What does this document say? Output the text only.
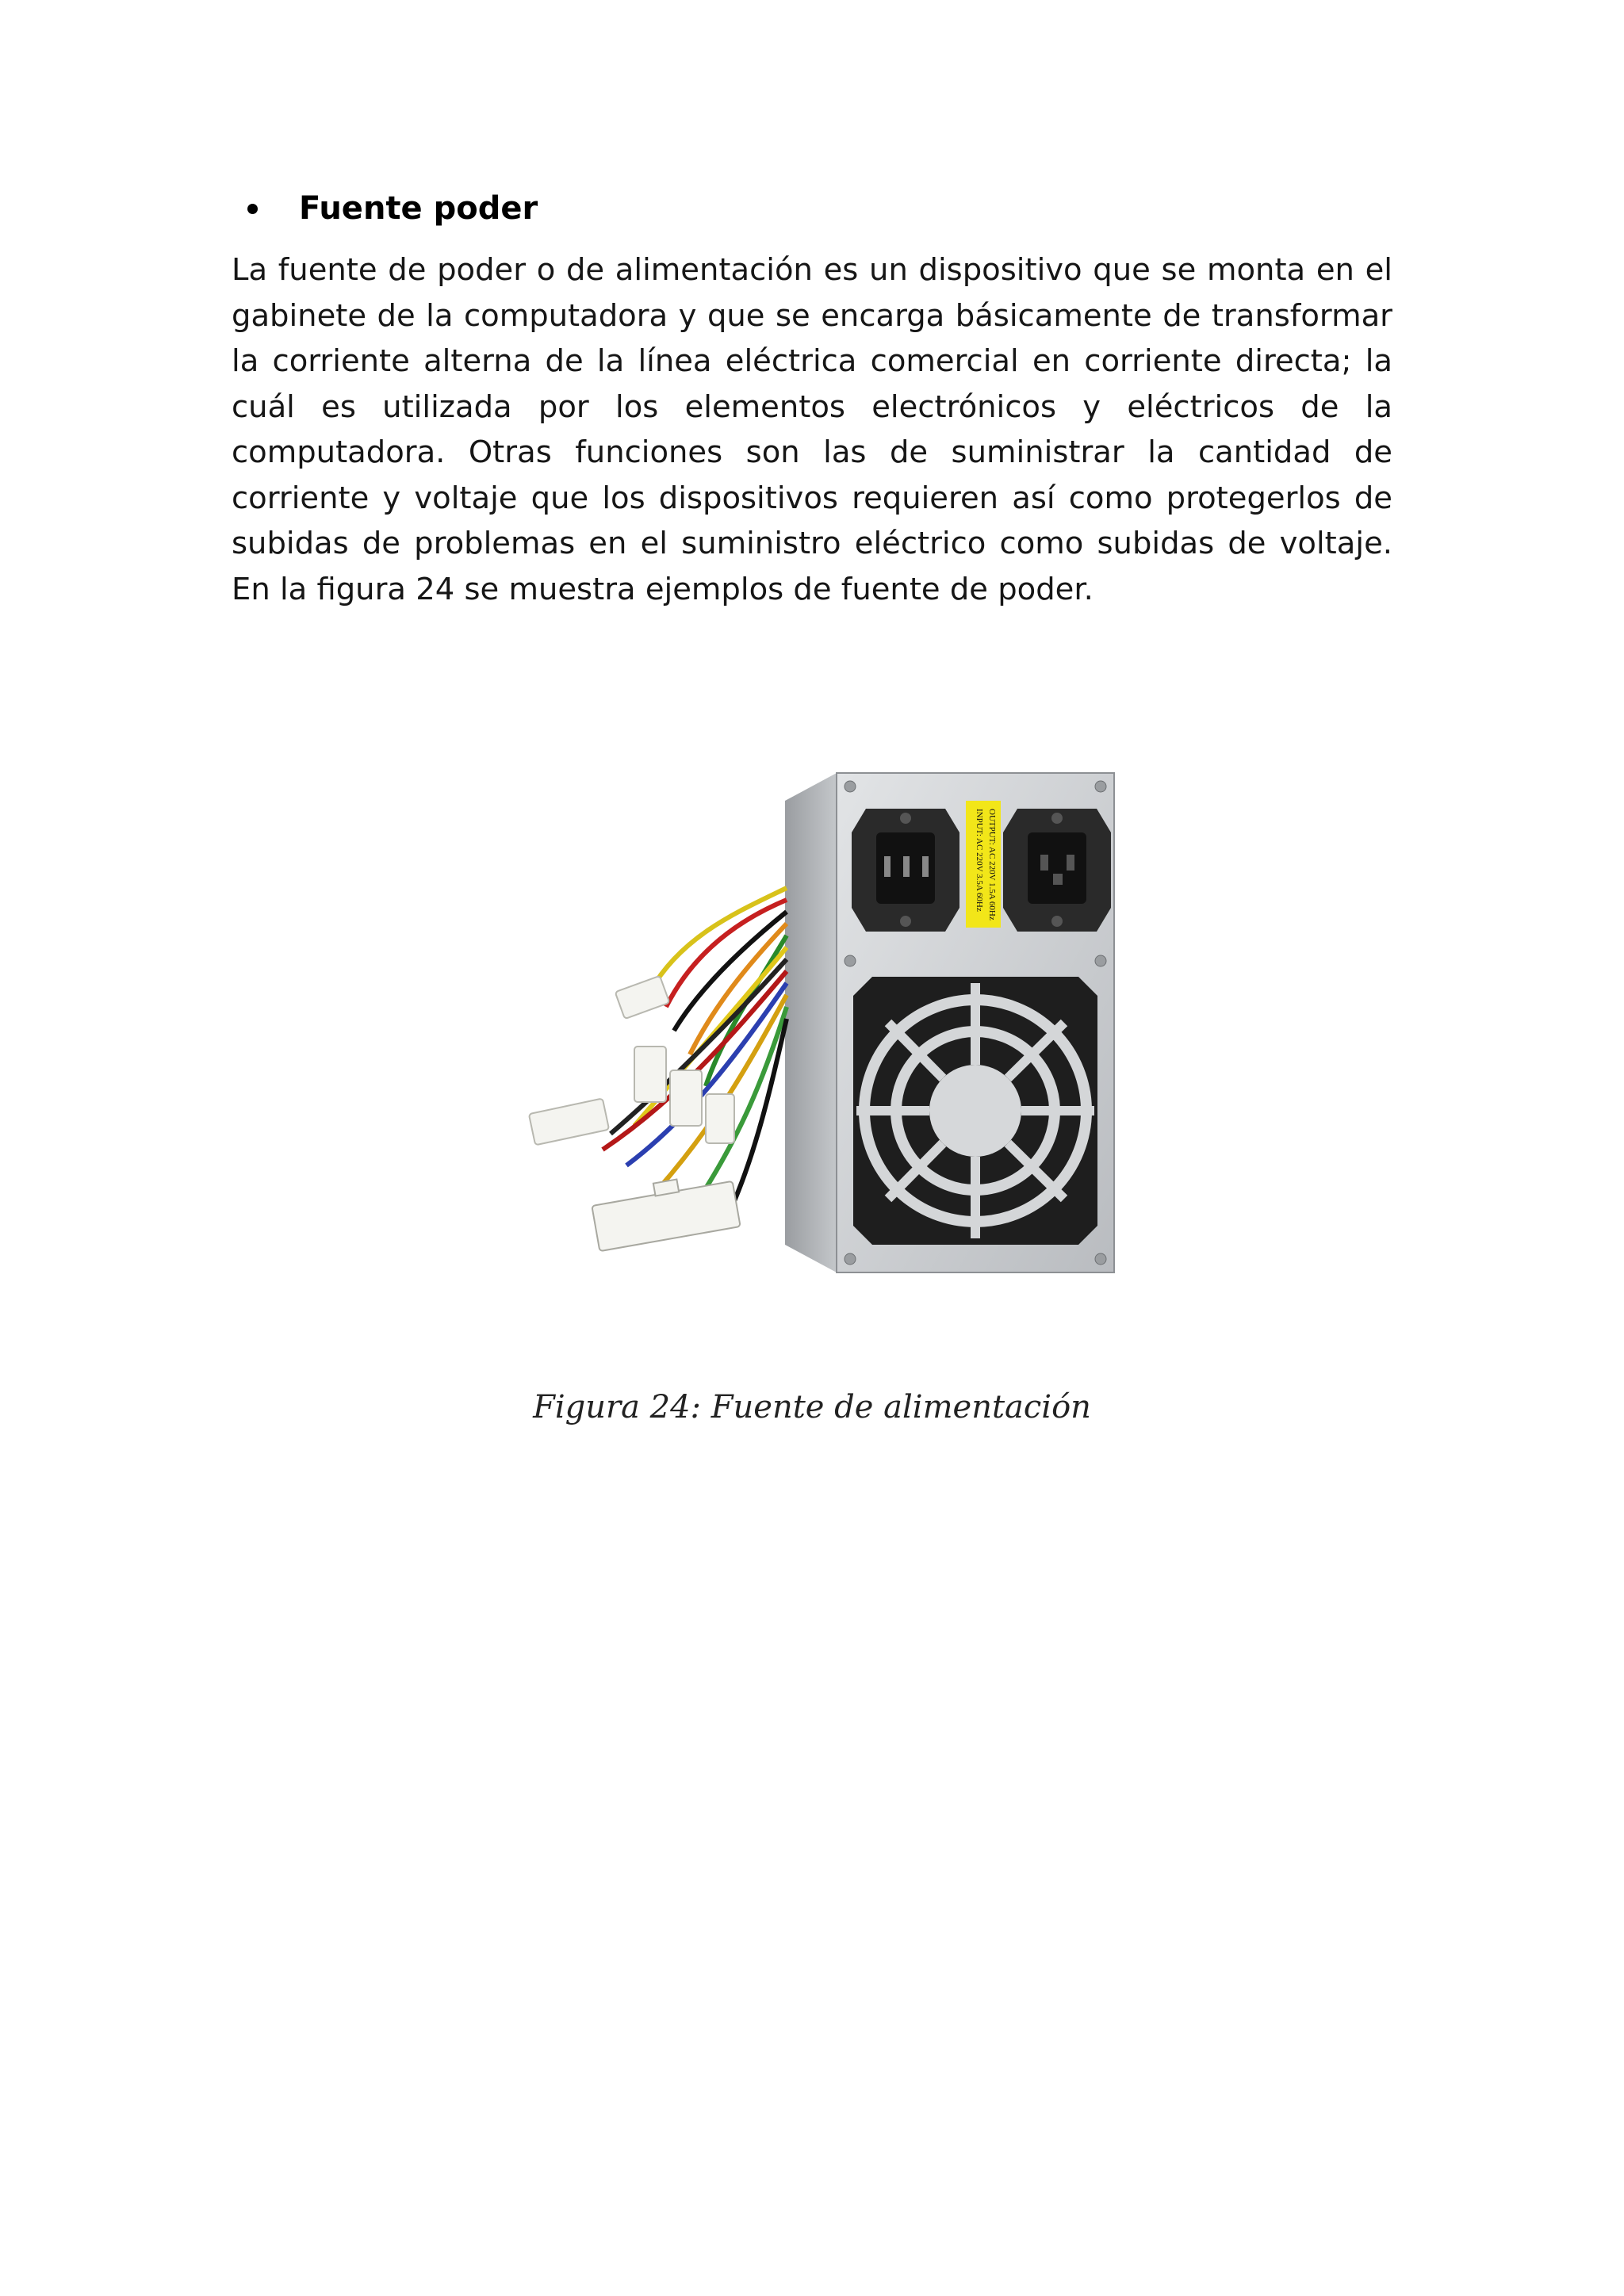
Fuente poder

La fuente de poder o de alimentación es un dispositivo que se monta en el gabinete de la computadora y que se encarga básicamente de transformar la corriente alterna de la línea eléctrica comercial en corriente directa; la cuál es utilizada por los elementos electrónicos y eléctricos de la computadora. Otras funciones son las de suministrar la cantidad de corriente y voltaje que los dispositivos requieren así como protegerlos de subidas de problemas en el suministro eléctrico como subidas de voltaje. En la figura 24 se muestra ejemplos de fuente de poder.

INPUT: AC 220V 3.5A 60Hz OUTPUT: AC 220V 1.5A 60Hz
Figura 24: Fuente de alimentación
